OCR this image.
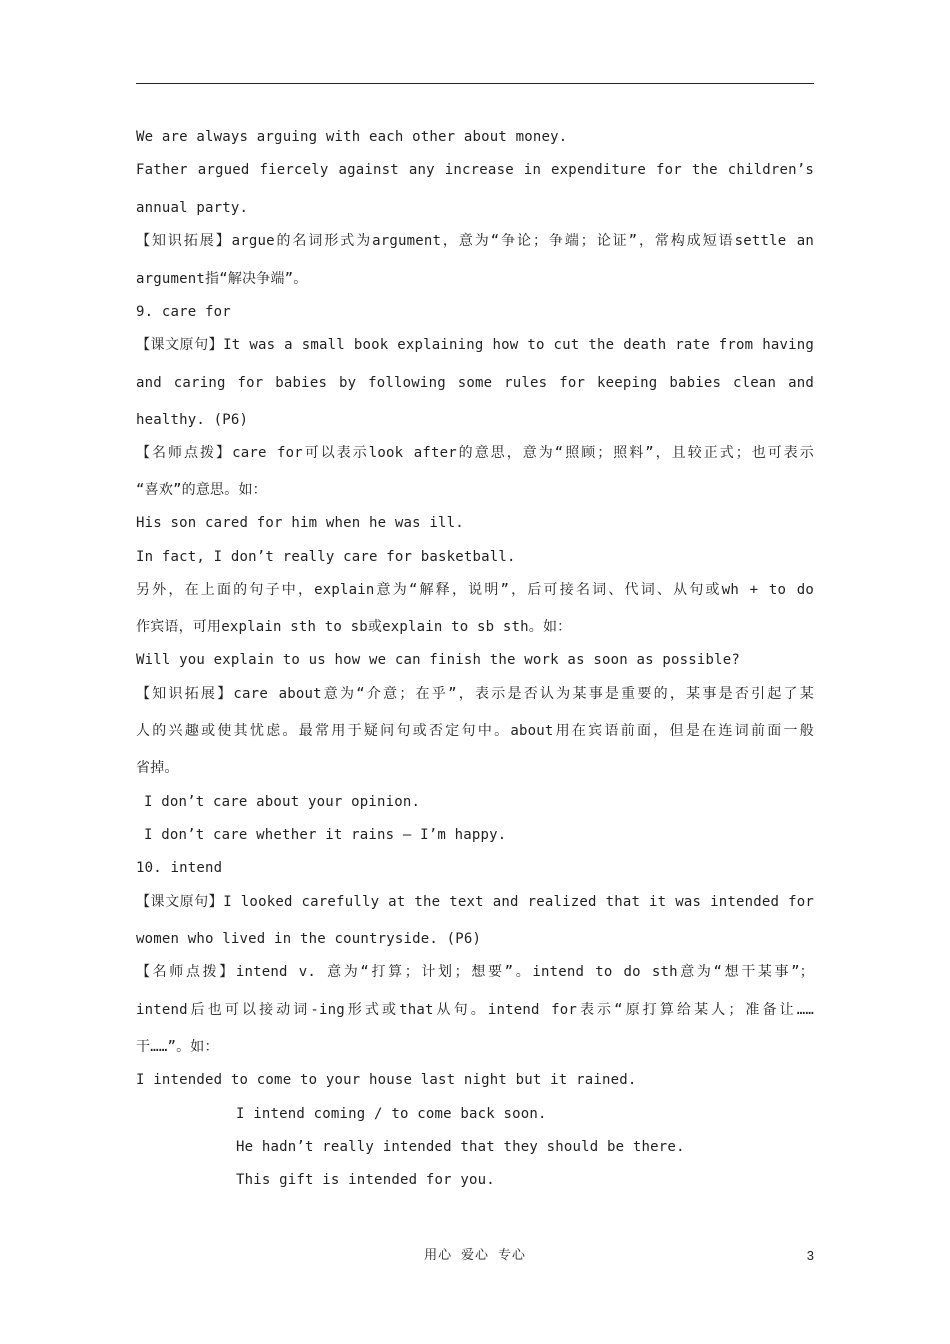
We are always arguing with each other about money.
Father argued fiercely against any increase in expenditure for the children’s
annual party.
【知识拓展】argue的名词形式为argument，意为“争论；争端；论证”，常构成短语settle an
argument指“解决争端”。
9. care for
【课文原句】It was a small book explaining how to cut the death rate from having
and caring for babies by following some rules for keeping babies clean and
healthy. (P6)
【名师点拨】care for可以表示look after的意思，意为“照顾；照料”，且较正式；也可表示
“喜欢”的意思。如：
His son cared for him when he was ill.
In fact, I don’t really care for basketball.
另外，在上面的句子中，explain意为“解释，说明”，后可接名词、代词、从句或wh + to do
作宾语，可用explain sth to sb或explain to sb sth。如：
Will you explain to us how we can finish the work as soon as possible?
【知识拓展】care about意为“介意；在乎”，表示是否认为某事是重要的，某事是否引起了某
人的兴趣或使其忧虑。最常用于疑问句或否定句中。about用在宾语前面，但是在连词前面一般
省掉。
I don’t care about your opinion.
I don’t care whether it rains — I’m happy.
10. intend
【课文原句】I looked carefully at the text and realized that it was intended for
women who lived in the countryside. (P6)
【名师点拨】intend v. 意为“打算；计划；想要”。intend to do sth意为“想干某事”；
intend后也可以接动词-ing形式或that从句。intend for表示“原打算给某人；准备让……
干……”。如：
I intended to come to your house last night but it rained.
I intend coming / to come back soon.
He hadn’t really intended that they should be there.
This gift is intended for you.
用心 爱心 专心	3
